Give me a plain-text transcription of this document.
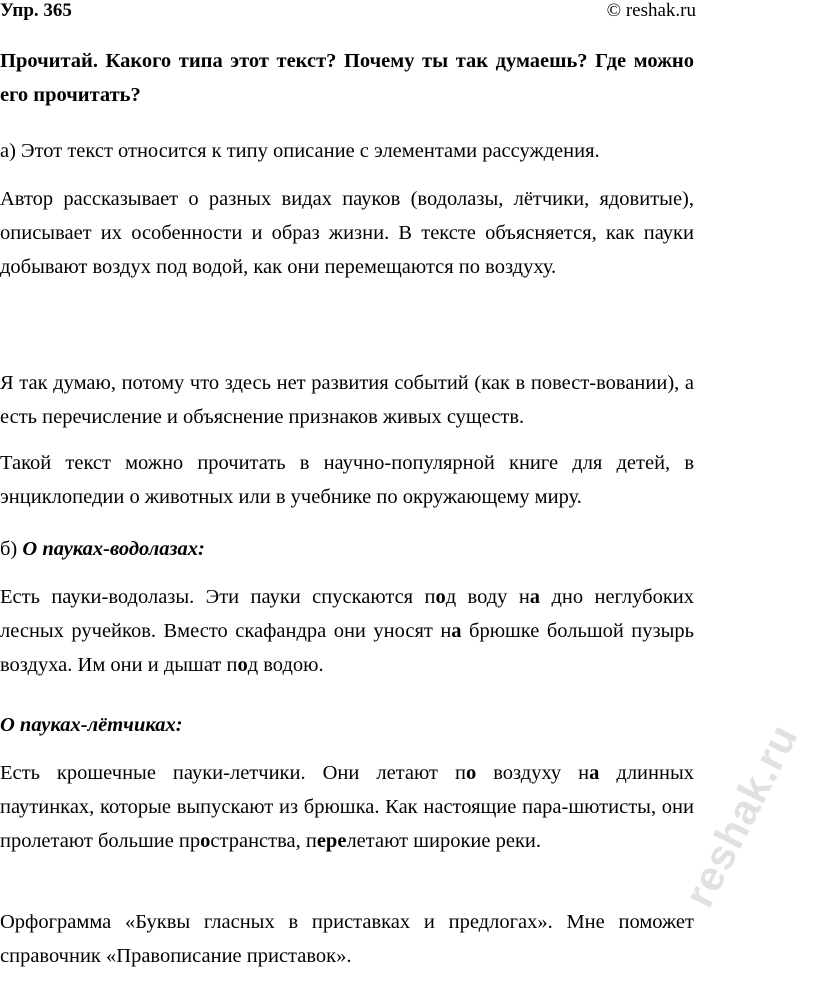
Упр. 365	© reshak.ru

Прочитай. Какого типа этот текст? Почему ты так думаешь? Где можно его прочитать?

а) Этот текст относится к типу описание с элементами рассуждения.

Автор рассказывает о разных видах пауков (водолазы, лётчики, ядовитые), описывает их особенности и образ жизни. В тексте объясняется, как пауки добывают воздух под водой, как они перемещаются по воздуху.

Я так думаю, потому что здесь нет развития событий (как в повест-вовании), а есть перечисление и объяснение признаков живых существ.

Такой текст можно прочитать в научно-популярной книге для детей, в энциклопедии о животных или в учебнике по окружающему миру.

б) О пауках-водолазах:

Есть пауки-водолазы. Эти пауки спускаются под воду на дно неглубоких лесных ручейков. Вместо скафандра они уносят на брюшке большой пузырь воздуха. Им они и дышат под водою.

О пауках-лётчиках:

Есть крошечные пауки-летчики. Они летают по воздуху на длинных паутинках, которые выпускают из брюшка. Как настоящие пара-шютисты, они пролетают большие пространства, перелетают широкие реки.

Орфограмма «Буквы гласных в приставках и предлогах». Мне поможет справочник «Правописание приставок».

reshak.ru
